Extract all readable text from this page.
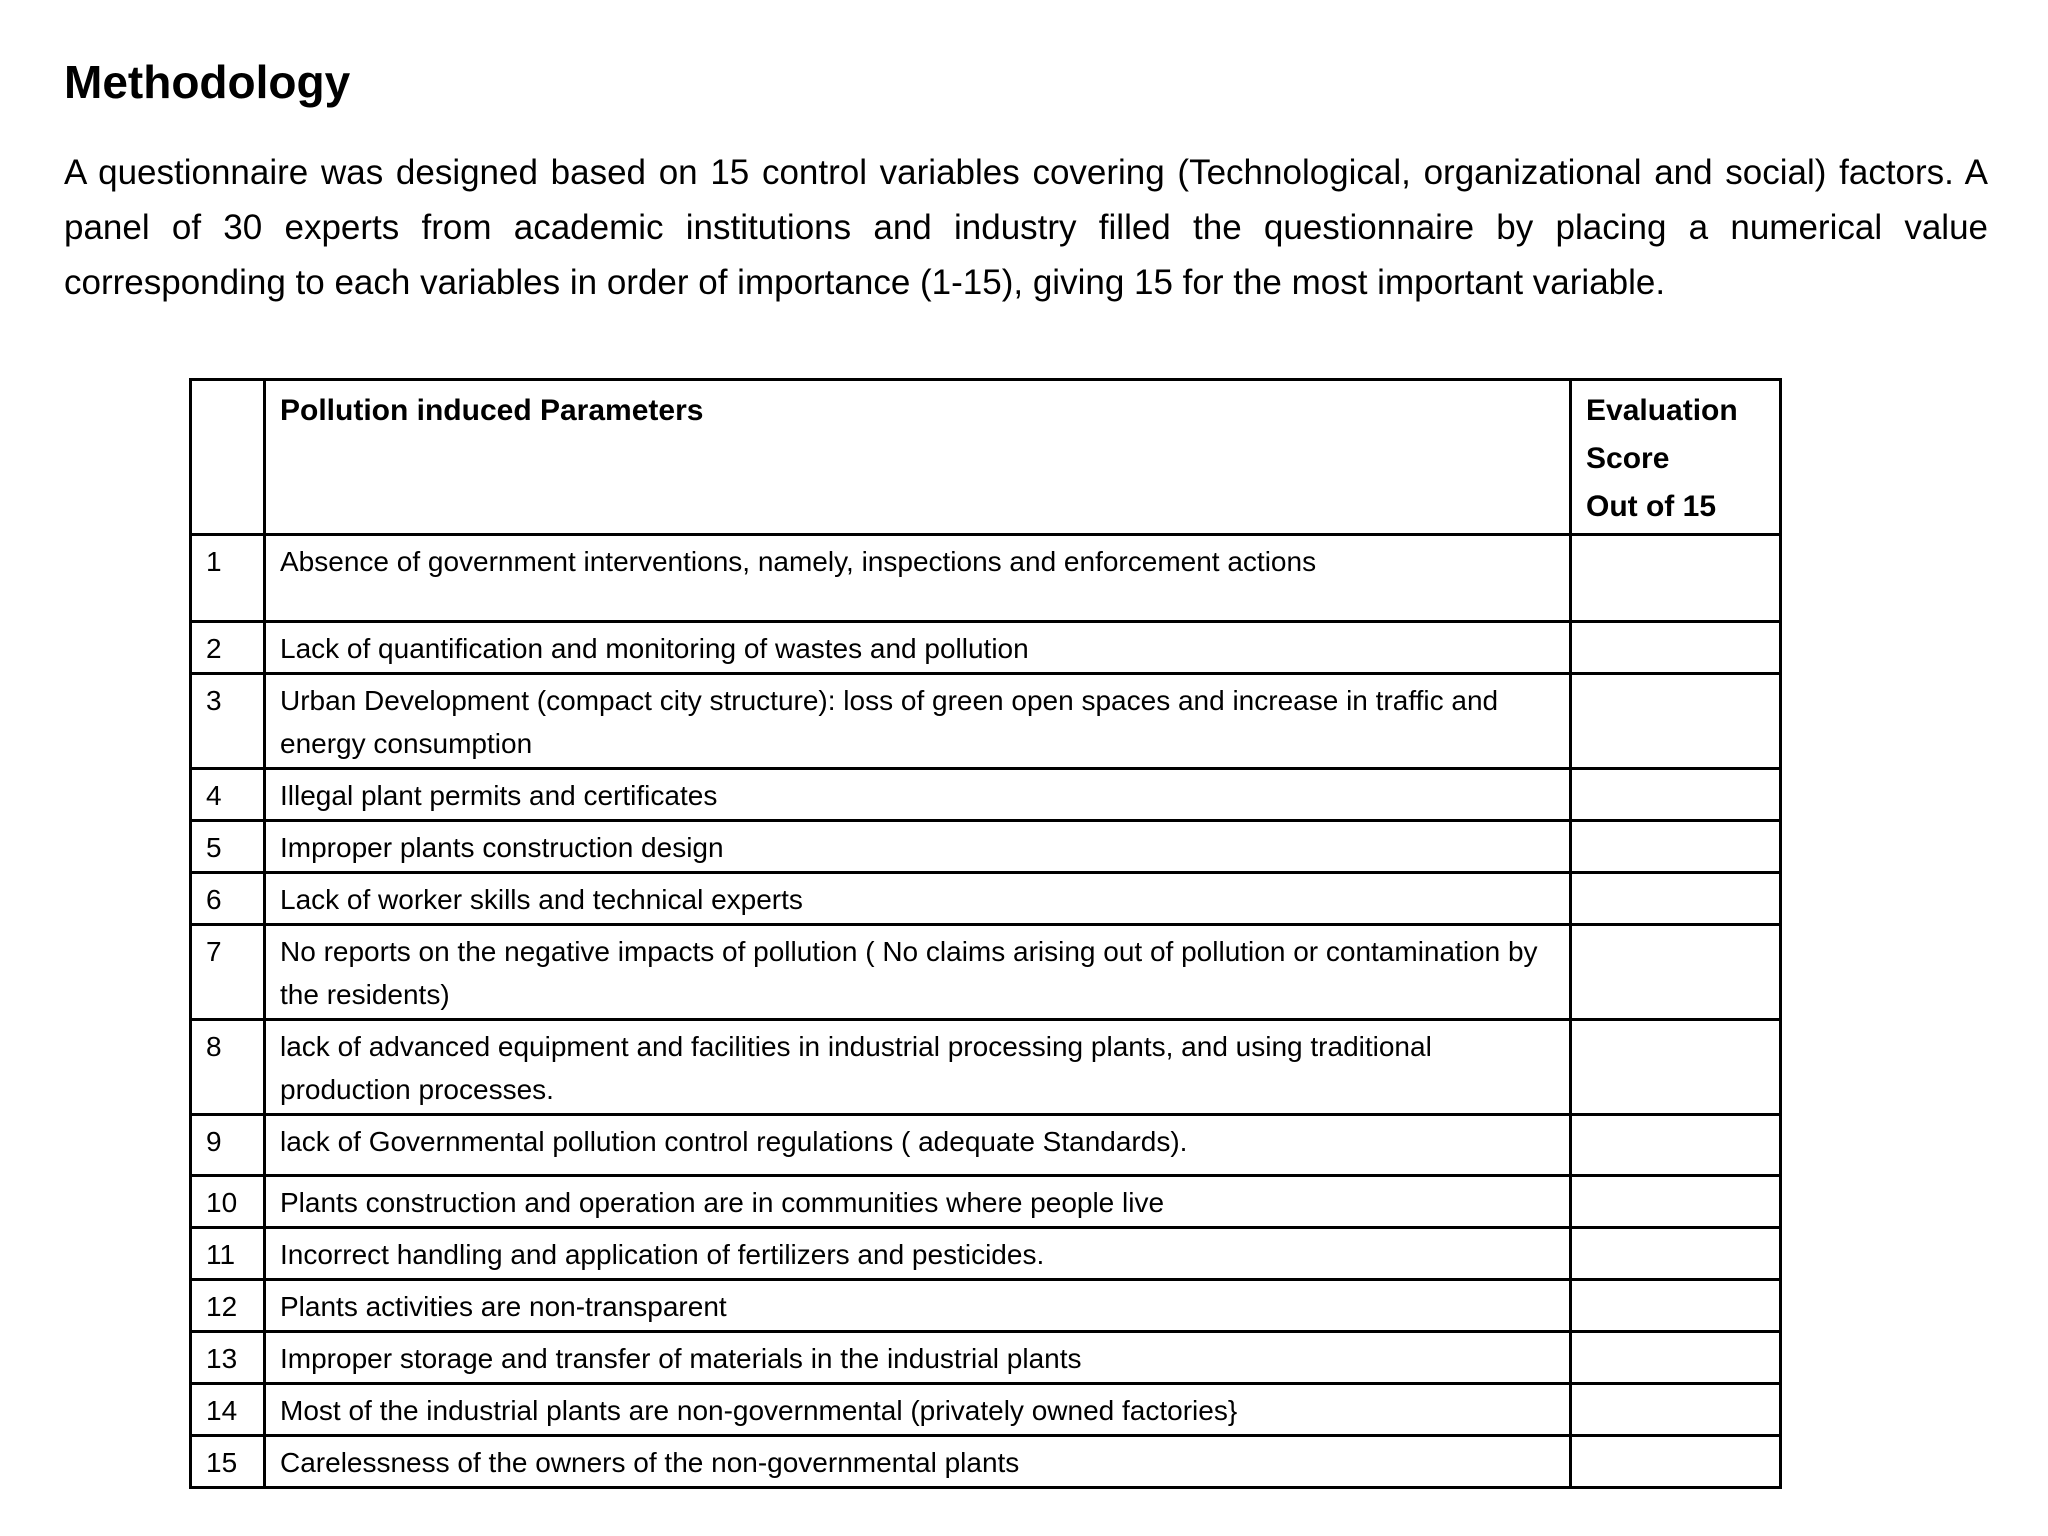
Methodology

A questionnaire was designed based on 15 control variables covering (Technological, organizational and social) factors. A panel of 30 experts from academic institutions and industry filled the questionnaire by placing a numerical value corresponding to each variables in order of importance (1-15), giving 15 for the most important variable.

	Pollution induced Parameters	Evaluation
Score
Out of 15

1	Absence of government interventions, namely, inspections and enforcement actions	
2	Lack of quantification and monitoring of wastes and pollution	
3	Urban Development (compact city structure): loss of green open spaces and increase in traffic and energy consumption	
4	Illegal plant permits and certificates	
5	Improper plants construction design	
6	Lack of worker skills and technical experts	
7	No reports on the negative impacts of pollution ( No claims arising out of pollution or contamination by the residents)	
8	lack of advanced equipment and facilities in industrial processing plants, and using traditional production processes.	
9	lack of Governmental pollution control regulations ( adequate Standards).	
10	Plants construction and operation are in communities where people live	
11	Incorrect handling and application of fertilizers and pesticides.	
12	Plants activities are non-transparent	
13	Improper storage and transfer of materials in the industrial plants	
14	Most of the industrial plants are non-governmental (privately owned factories}	
15	Carelessness of the owners of the non-governmental plants	
